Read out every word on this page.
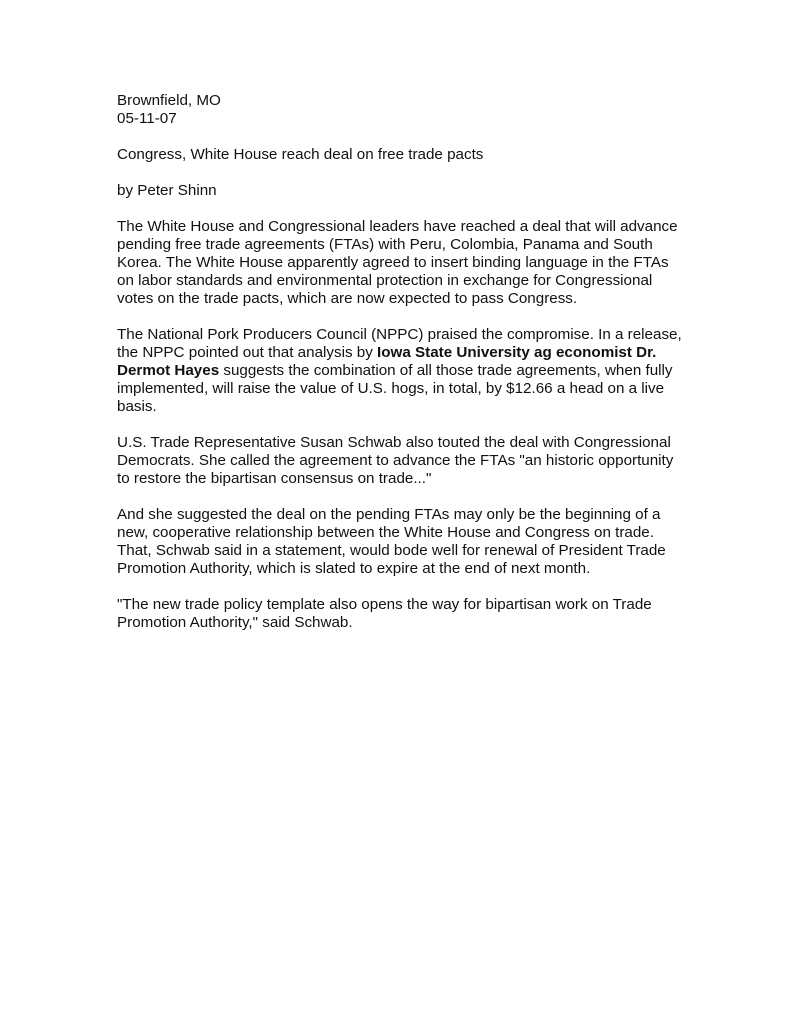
Brownfield, MO

05-11-07

Congress, White House reach deal on free trade pacts

by Peter Shinn

The White House and Congressional leaders have reached a deal that will advance pending free trade agreements (FTAs) with Peru, Colombia, Panama and South Korea. The White House apparently agreed to insert binding language in the FTAs on labor standards and environmental protection in exchange for Congressional votes on the trade pacts, which are now expected to pass Congress.

The National Pork Producers Council (NPPC) praised the compromise. In a release, the NPPC pointed out that analysis by Iowa State University ag economist Dr. Dermot Hayes suggests the combination of all those trade agreements, when fully implemented, will raise the value of U.S. hogs, in total, by $12.66 a head on a live basis.

U.S. Trade Representative Susan Schwab also touted the deal with Congressional Democrats. She called the agreement to advance the FTAs "an historic opportunity to restore the bipartisan consensus on trade..."

And she suggested the deal on the pending FTAs may only be the beginning of a new, cooperative relationship between the White House and Congress on trade. That, Schwab said in a statement, would bode well for renewal of President Trade Promotion Authority, which is slated to expire at the end of next month.

"The new trade policy template also opens the way for bipartisan work on Trade Promotion Authority," said Schwab.
